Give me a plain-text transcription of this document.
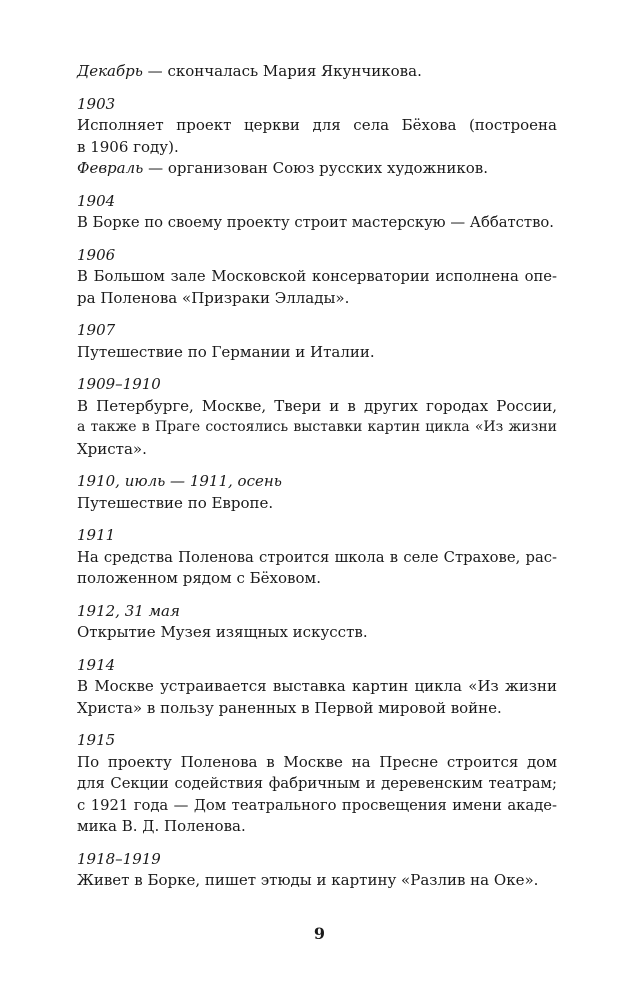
Декабрь — скончалась Мария Якунчикова.
1903
Исполняет проект церкви для села Бёхова (построена
в 1906 году).
Февраль — организован Союз русских художников.
1904
В Борке по своему проекту строит мастерскую — Аббатство.
1906
В Большом зале Московской консерватории исполнена опе-
ра Поленова «Призраки Эллады».
1907
Путешествие по Германии и Италии.
1909–1910
В Петербурге, Москве, Твери и в других городах России,
а также в Праге состоялись выставки картин цикла «Из жизни
Христа».
1910, июль — 1911, осень
Путешествие по Европе.
1911
На средства Поленова строится школа в селе Страхове, рас-
положенном рядом с Бёховом.
1912, 31 мая
Открытие Музея изящных искусств.
1914
В Москве устраивается выставка картин цикла «Из жизни
Христа» в пользу раненных в Первой мировой войне.
1915
По проекту Поленова в Москве на Пресне строится дом
для Секции содействия фабричным и деревенским театрам;
с 1921 года — Дом театрального просвещения имени акаде-
мика В. Д. Поленова.
1918–1919
Живет в Борке, пишет этюды и картину «Разлив на Оке».
9
